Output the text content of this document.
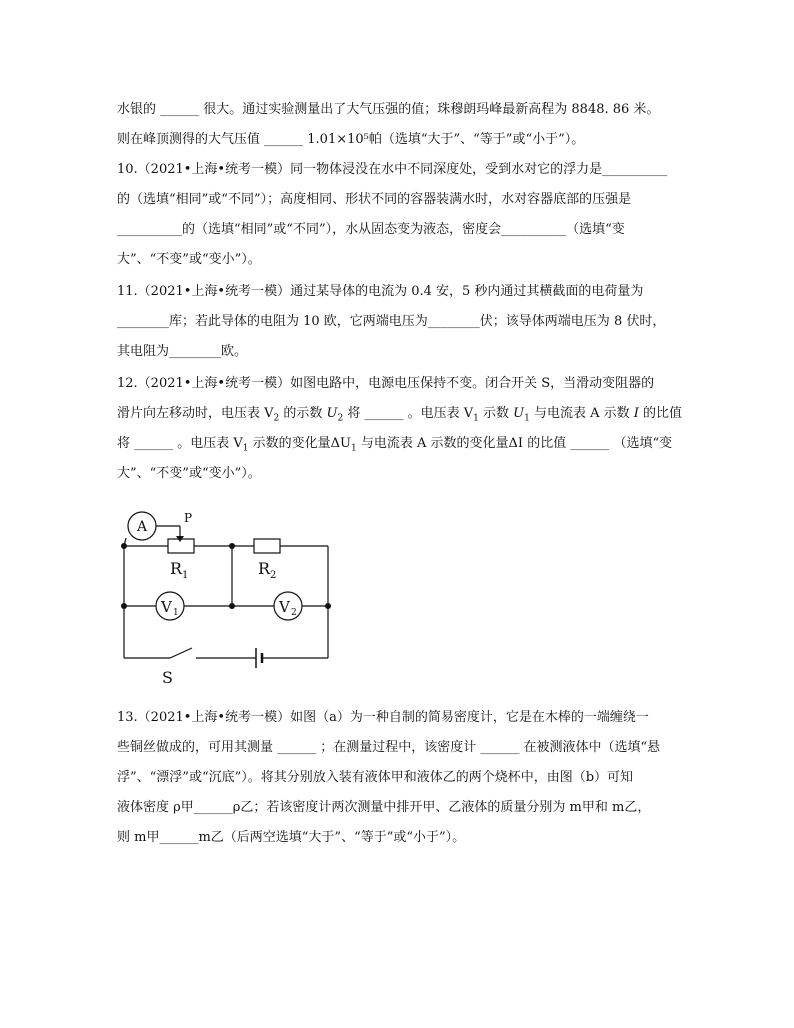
水银的 ______ 很大。通过实验测量出了大气压强的值；珠穆朗玛峰最新高程为 8848. 86 米。
则在峰顶测得的大气压值 ______ 1.01×10⁵帕（选填“大于”、“等于”或“小于”）。
10.（2021•上海•统考一模）同一物体浸没在水中不同深度处，受到水对它的浮力是__________
的（选填“相同”或“不同”）；高度相同、形状不同的容器装满水时，水对容器底部的压强是
__________的（选填“相同”或“不同”），水从固态变为液态，密度会__________（选填“变
大”、“不变”或“变小”）。
11.（2021•上海•统考一模）通过某导体的电流为 0.4 安，5 秒内通过其横截面的电荷量为
________库；若此导体的电阻为 10 欧，它两端电压为________伏；该导体两端电压为 8 伏时，
其电阻为________欧。
12.（2021•上海•统考一模）如图电路中，电源电压保持不变。闭合开关 S，当滑动变阻器的
滑片向左移动时，电压表 $V_2$ 的示数 $U_2$ 将 ______ 。电压表 $V_1$ 示数 $U_1$ 与电流表 A 示数 I 的比值
将 ______ 。电压表 $V_1$ 示数的变化量$\Delta U_1$ 与电流表 A 示数的变化量ΔI 的比值 ______ （选填“变
大”、“不变”或“变小”）。
A
P
R 1	R 2
V 1	V 2
S
13.（2021•上海•统考一模）如图（a）为一种自制的简易密度计，它是在木棒的一端缠绕一
些铜丝做成的，可用其测量 ______ ；在测量过程中，该密度计 ______ 在被测液体中（选填“悬
浮”、“漂浮”或“沉底”）。将其分别放入装有液体甲和液体乙的两个烧杯中，由图（b）可知
液体密度 ρ甲______ρ乙；若该密度计两次测量中排开甲、乙液体的质量分别为 m甲和 m乙，
则 m甲______m乙（后两空选填“大于”、“等于”或“小于”）。
